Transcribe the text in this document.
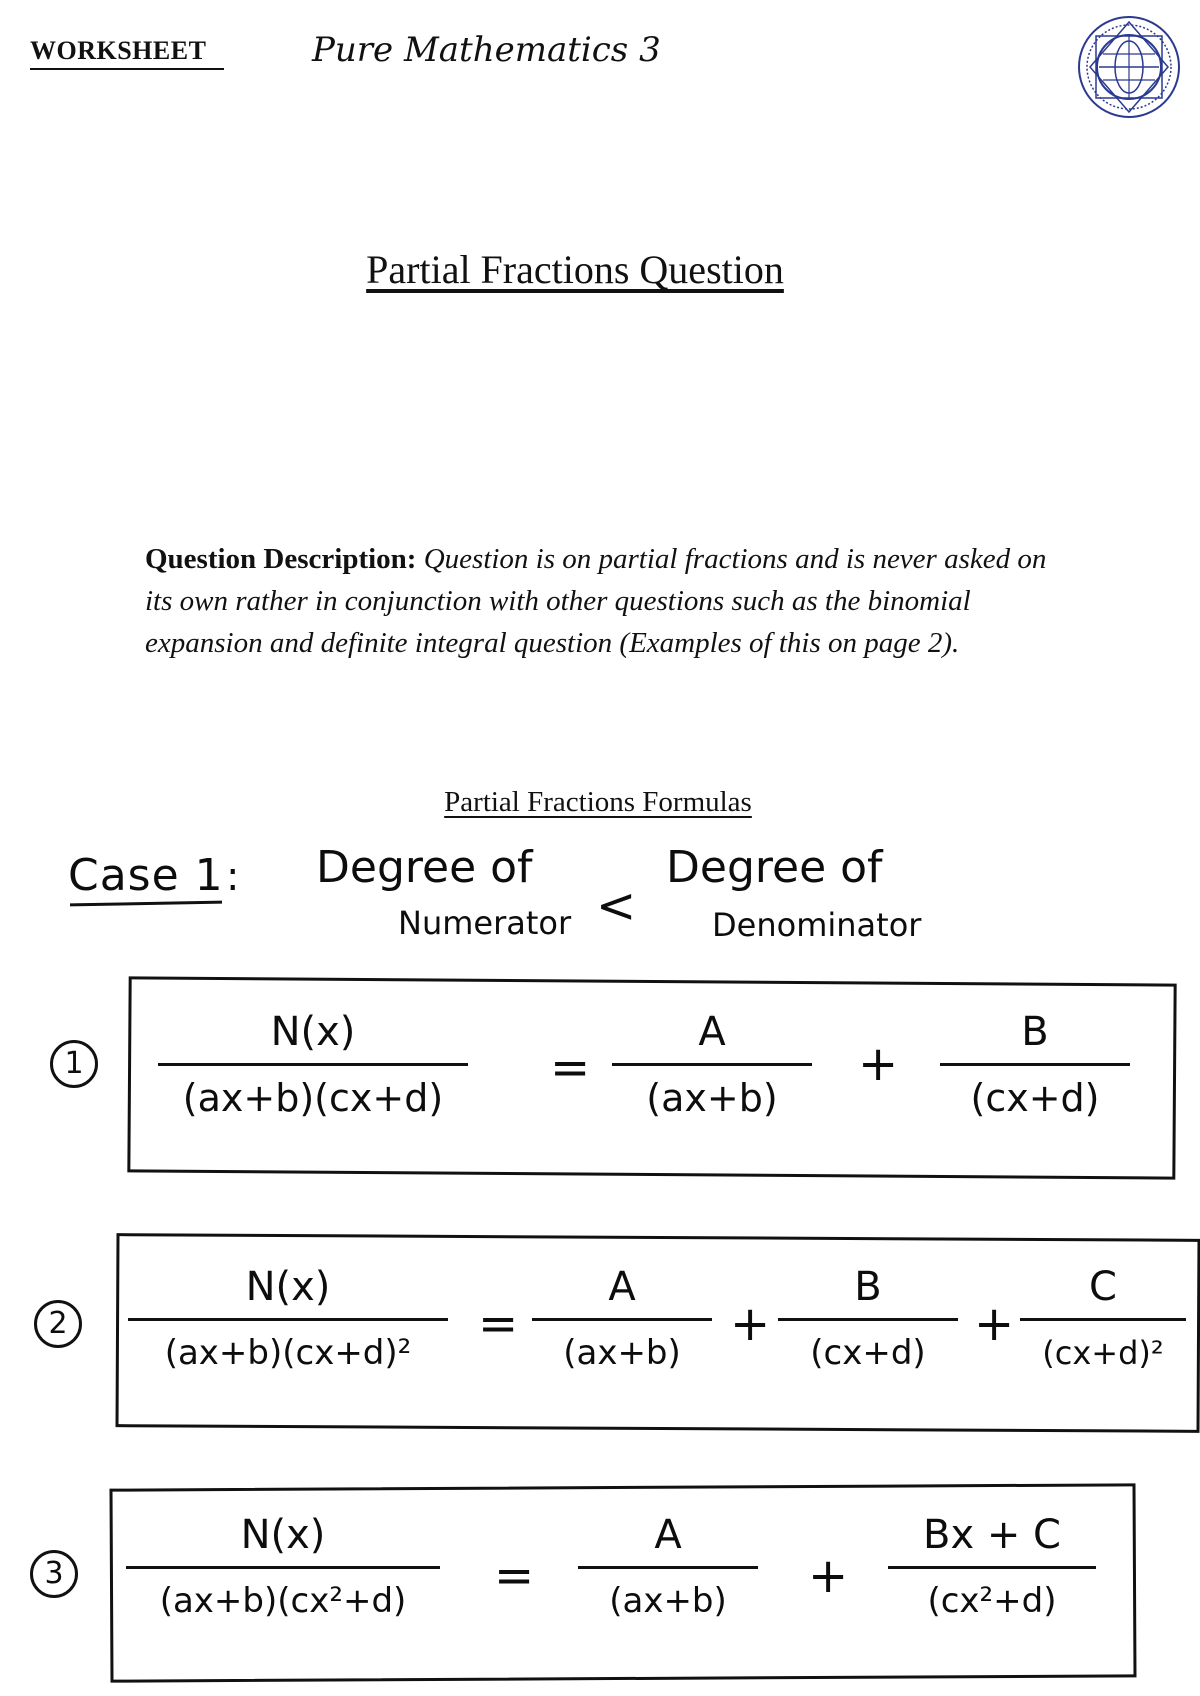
WORKSHEET	Pure Mathematics 3
Partial Fractions Question
Question Description: Question is on partial fractions and is never asked on its own rather in conjunction with other questions such as the binomial expansion and definite integral question (Examples of this on page 2).
Partial Fractions Formulas
Case 1 : Degree of
Numerator <
Degree of
Denominator
1
N(x)
(ax+b)(cx+d)
=
A
(ax+b)
+
B
(cx+d)
2
N(x)
(ax+b)(cx+d)²
=
A
(ax+b)
+
B
(cx+d)
+
C
(cx+d)²
3
N(x)
(ax+b)(cx²+d)	=
A
(ax+b)	+
Bx + C
(cx²+d)
